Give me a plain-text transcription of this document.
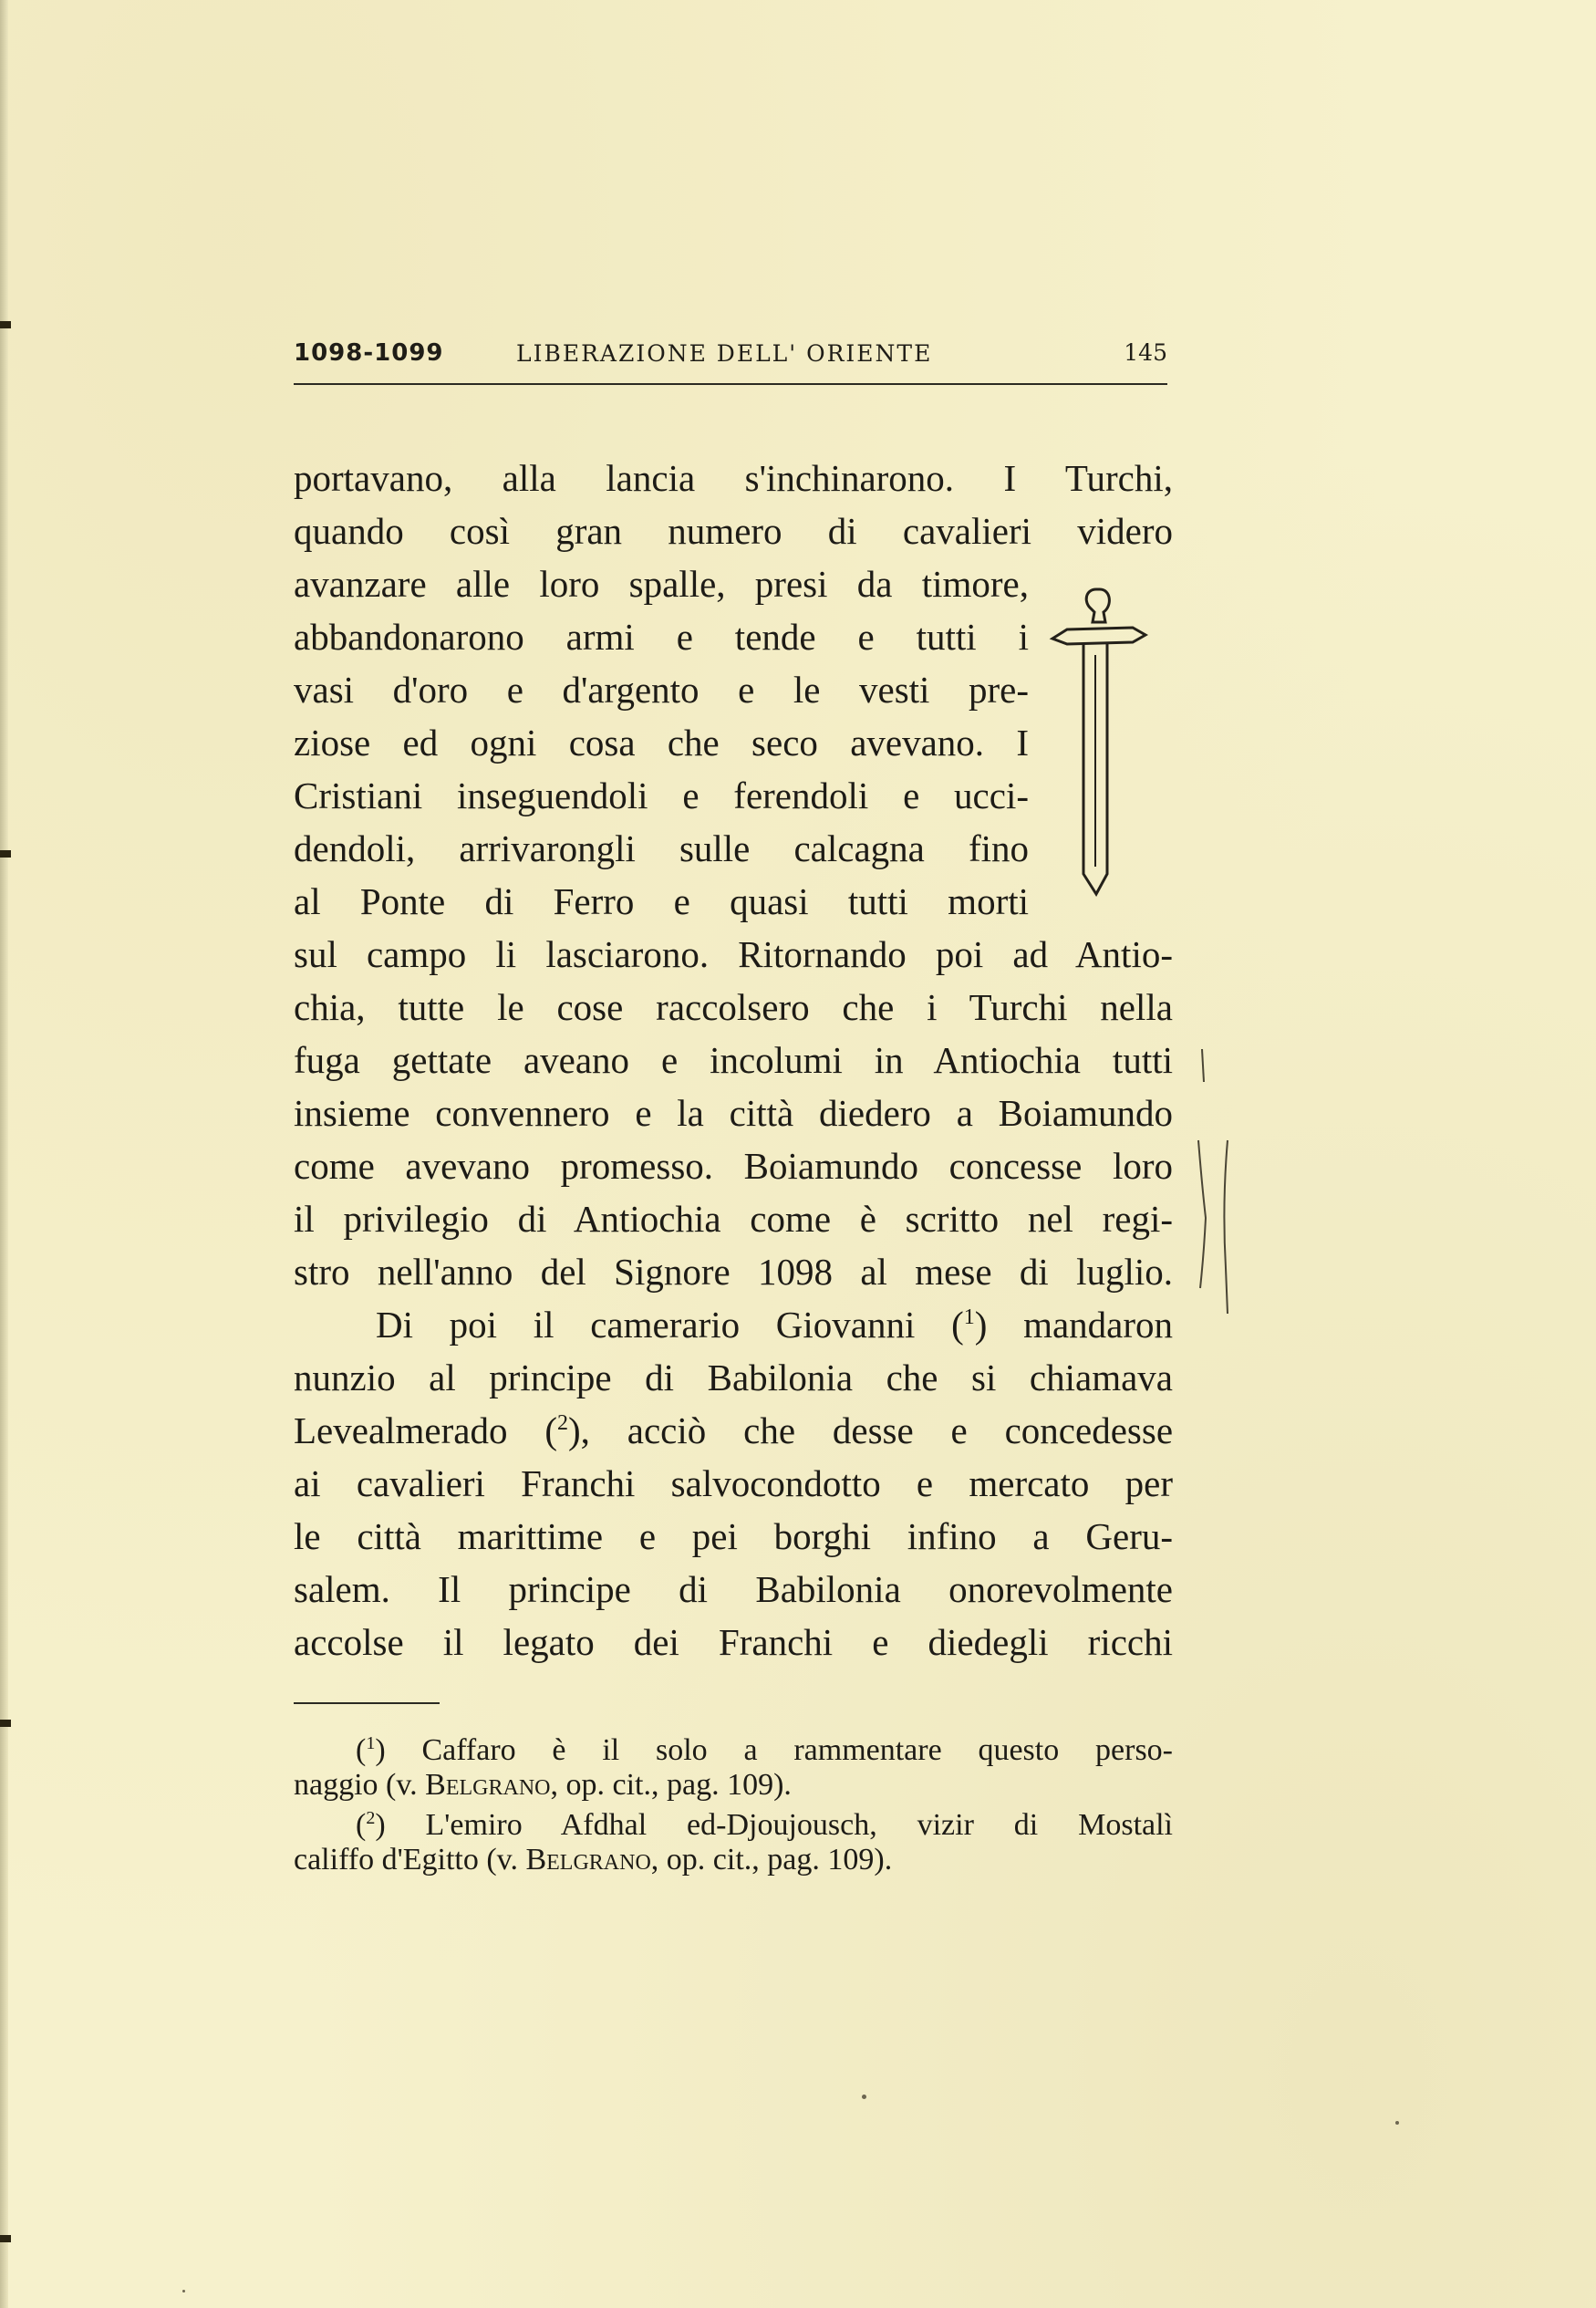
1098-1099	LIBERAZIONE DELL' ORIENTE	145
portavano, alla lancia s'inchinarono. I Turchi,
quando così gran numero di cavalieri videro
avanzare alle loro spalle, presi da timore,
abbandonarono armi e tende e tutti i
vasi d'oro e d'argento e le vesti pre-
ziose ed ogni cosa che seco avevano. I
Cristiani inseguendoli e ferendoli e ucci-
dendoli, arrivarongli sulle calcagna fino
al Ponte di Ferro e quasi tutti morti
sul campo li lasciarono. Ritornando poi ad Antio-
chia, tutte le cose raccolsero che i Turchi nella
fuga gettate aveano e incolumi in Antiochia tutti
insieme convennero e la città diedero a Boiamundo
come avevano promesso. Boiamundo concesse loro
il privilegio di Antiochia come è scritto nel regi-
stro nell'anno del Signore 1098 al mese di luglio.
Di poi il camerario Giovanni ($^1$) mandaron
nunzio al principe di Babilonia che si chiamava
Levealmerado ($^2$), acciò che desse e concedesse
ai cavalieri Franchi salvocondotto e mercato per
le città marittime e pei borghi infino a Geru-
salem. Il principe di Babilonia onorevolmente
accolse il legato dei Franchi e diedegli ricchi
($^1$) Caffaro è il solo a rammentare questo perso-
naggio (v. Belgrano, op. cit., pag. 109).
($^2$) L'emiro Afdhal ed-Djoujousch, vizir di Mostalì
califfo d'Egitto (v. Belgrano, op. cit., pag. 109).
